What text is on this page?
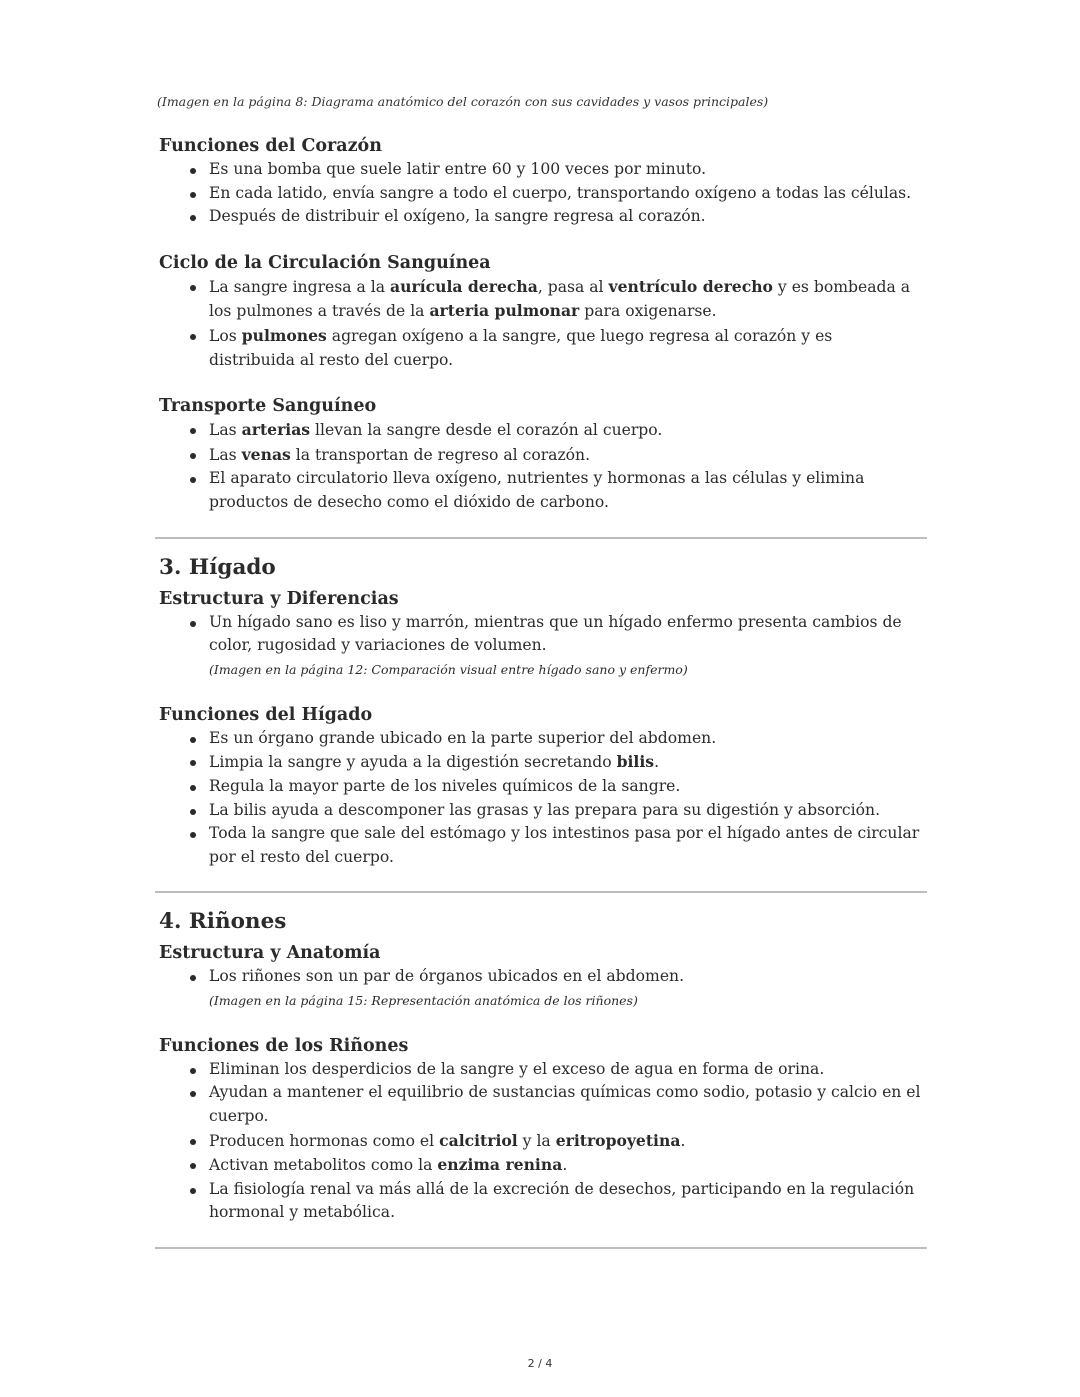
(Imagen en la página 8: Diagrama anatómico del corazón con sus cavidades y vasos principales)
Funciones del Corazón
Es una bomba que suele latir entre 60 y 100 veces por minuto.
En cada latido, envía sangre a todo el cuerpo, transportando oxígeno a todas las células.
Después de distribuir el oxígeno, la sangre regresa al corazón.
Ciclo de la Circulación Sanguínea
La sangre ingresa a la aurícula derecha, pasa al ventrículo derecho y es bombeada a los pulmones a través de la arteria pulmonar para oxigenarse.
Los pulmones agregan oxígeno a la sangre, que luego regresa al corazón y es distribuida al resto del cuerpo.
Transporte Sanguíneo
Las arterias llevan la sangre desde el corazón al cuerpo.
Las venas la transportan de regreso al corazón.
El aparato circulatorio lleva oxígeno, nutrientes y hormonas a las células y elimina productos de desecho como el dióxido de carbono.
3. Hígado
Estructura y Diferencias
Un hígado sano es liso y marrón, mientras que un hígado enfermo presenta cambios de color, rugosidad y variaciones de volumen.
(Imagen en la página 12: Comparación visual entre hígado sano y enfermo)
Funciones del Hígado
Es un órgano grande ubicado en la parte superior del abdomen.
Limpia la sangre y ayuda a la digestión secretando bilis.
Regula la mayor parte de los niveles químicos de la sangre.
La bilis ayuda a descomponer las grasas y las prepara para su digestión y absorción.
Toda la sangre que sale del estómago y los intestinos pasa por el hígado antes de circular por el resto del cuerpo.
4. Riñones
Estructura y Anatomía
Los riñones son un par de órganos ubicados en el abdomen.
(Imagen en la página 15: Representación anatómica de los riñones)
Funciones de los Riñones
Eliminan los desperdicios de la sangre y el exceso de agua en forma de orina.
Ayudan a mantener el equilibrio de sustancias químicas como sodio, potasio y calcio en el cuerpo.
Producen hormonas como el calcitriol y la eritropoyetina.
Activan metabolitos como la enzima renina.
La fisiología renal va más allá de la excreción de desechos, participando en la regulación hormonal y metabólica.
2 / 4
